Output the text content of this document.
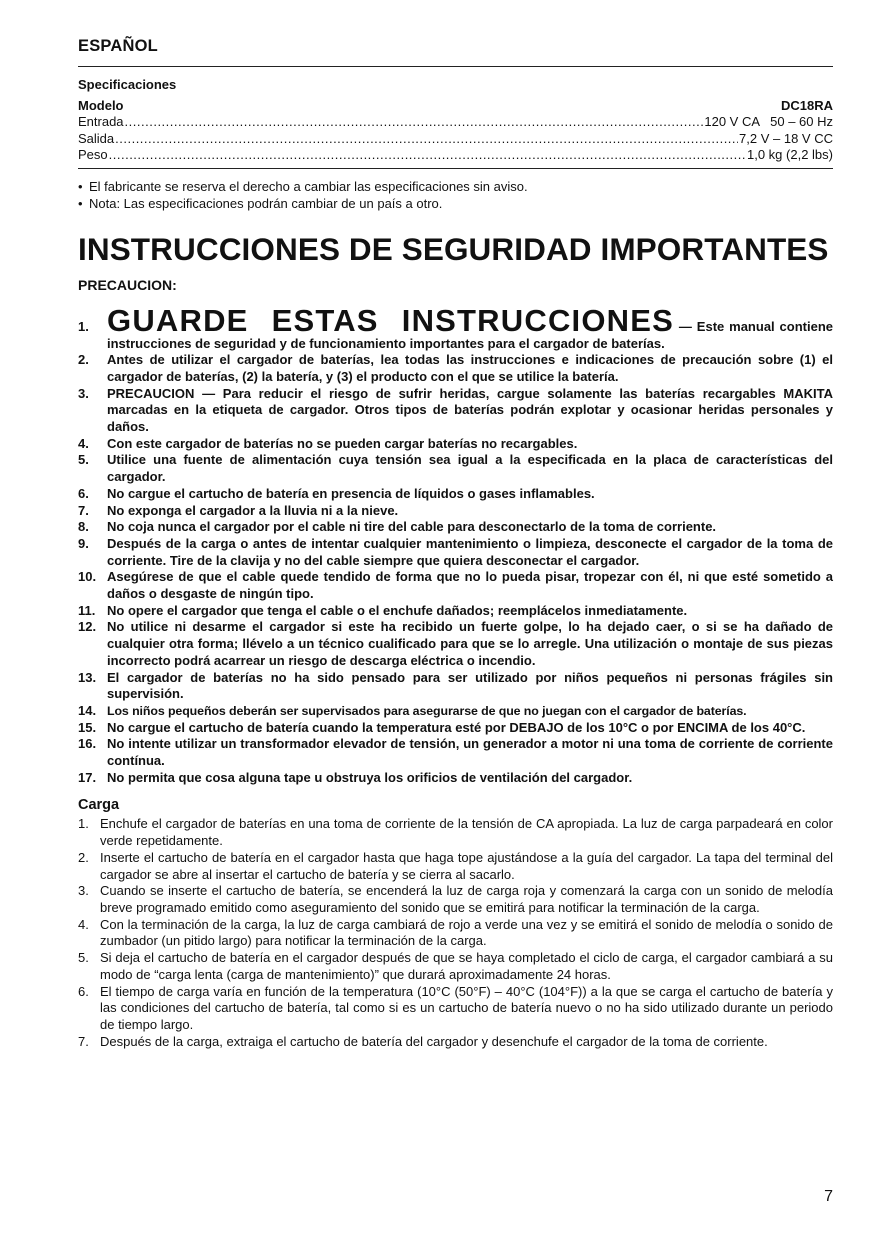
ESPAÑOL
Specificaciones
Modelo	DC18RA
Entrada .....	120 V CA   50 – 60 Hz
Salida .....	7,2 V – 18 V CC
Peso .....	1,0 kg (2,2 lbs)
• El fabricante se reserva el derecho a cambiar las especificaciones sin aviso.
• Nota: Las especificaciones podrán cambiar de un país a otro.
INSTRUCCIONES DE SEGURIDAD IMPORTANTES
PRECAUCION:
1. GUARDE ESTAS INSTRUCCIONES — Este manual contiene instrucciones de seguridad y de funcionamiento importantes para el cargador de baterías.
2.	Antes de utilizar el cargador de baterías, lea todas las instrucciones e indicaciones de precaución sobre (1) el cargador de baterías, (2) la batería, y (3) el producto con el que se utilice la batería.
3.	PRECAUCION — Para reducir el riesgo de sufrir heridas, cargue solamente las baterías recargables MAKITA marcadas en la etiqueta de cargador. Otros tipos de baterías podrán explotar y ocasionar heridas personales y daños.
4.	Con este cargador de baterías no se pueden cargar baterías no recargables.
5.	Utilice una fuente de alimentación cuya tensión sea igual a la especificada en la placa de características del cargador.
6.	No cargue el cartucho de batería en presencia de líquidos o gases inflamables.
7.	No exponga el cargador a la lluvia ni a la nieve.
8.	No coja nunca el cargador por el cable ni tire del cable para desconectarlo de la toma de corriente.
9.	Después de la carga o antes de intentar cualquier mantenimiento o limpieza, desconecte el cargador de la toma de corriente. Tire de la clavija y no del cable siempre que quiera desconectar el cargador.
10. Asegúrese de que el cable quede tendido de forma que no lo pueda pisar, tropezar con él, ni que esté sometido a daños o desgaste de ningún tipo.
11. No opere el cargador que tenga el cable o el enchufe dañados; reemplácelos inmediatamente.
12. No utilice ni desarme el cargador si este ha recibido un fuerte golpe, lo ha dejado caer, o si se ha dañado de cualquier otra forma; llévelo a un técnico cualificado para que se lo arregle. Una utilización o montaje de sus piezas incorrecto podrá acarrear un riesgo de descarga eléctrica o incendio.
13. El cargador de baterías no ha sido pensado para ser utilizado por niños pequeños ni personas frágiles sin supervisión.
14. Los niños pequeños deberán ser supervisados para asegurarse de que no juegan con el cargador de baterías.
15. No cargue el cartucho de batería cuando la temperatura esté por DEBAJO de los 10°C o por ENCIMA de los 40°C.
16. No intente utilizar un transformador elevador de tensión, un generador a motor ni una toma de corriente de corriente contínua.
17. No permita que cosa alguna tape u obstruya los orificios de ventilación del cargador.
Carga
1. Enchufe el cargador de baterías en una toma de corriente de la tensión de CA apropiada. La luz de carga parpadeará en color verde repetidamente.
2. Inserte el cartucho de batería en el cargador hasta que haga tope ajustándose a la guía del cargador. La tapa del terminal del cargador se abre al insertar el cartucho de batería y se cierra al sacarlo.
3. Cuando se inserte el cartucho de batería, se encenderá la luz de carga roja y comenzará la carga con un sonido de melodía breve programado emitido como aseguramiento del sonido que se emitirá para notificar la terminación de la carga.
4. Con la terminación de la carga, la luz de carga cambiará de rojo a verde una vez y se emitirá el sonido de melodía o sonido de zumbador (un pitido largo) para notificar la terminación de la carga.
5. Si deja el cartucho de batería en el cargador después de que se haya completado el ciclo de carga, el cargador cambiará a su modo de “carga lenta (carga de mantenimiento)” que durará aproximadamente 24 horas.
6. El tiempo de carga varía en función de la temperatura (10°C (50°F) – 40°C (104°F)) a la que se carga el cartucho de batería y las condiciones del cartucho de batería, tal como si es un cartucho de batería nuevo o no ha sido utilizado durante un periodo de tiempo largo.
7. Después de la carga, extraiga el cartucho de batería del cargador y desenchufe el cargador de la toma de corriente.
7
